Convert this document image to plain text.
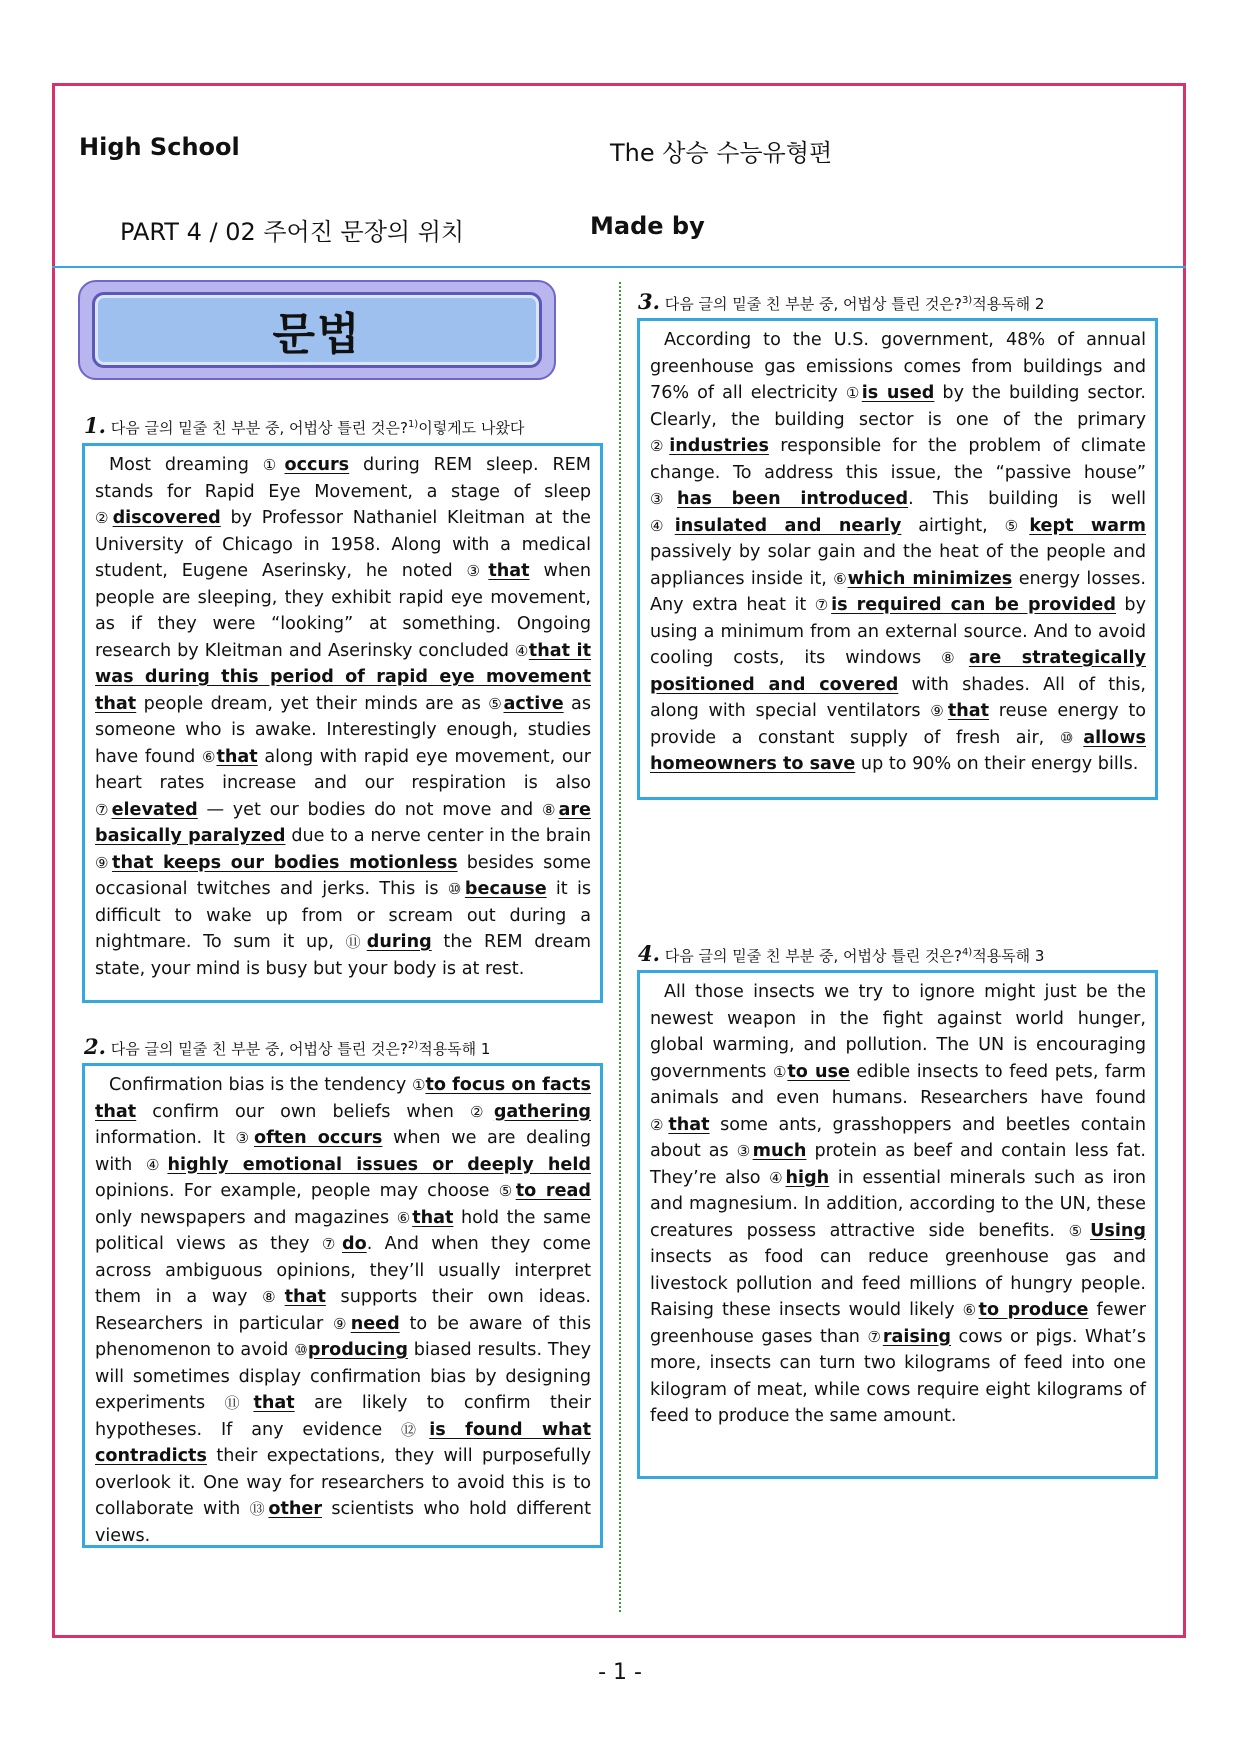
High School	The 상승 수능유형편
PART 4 / 02 주어진 문장의 위치	Made by
문법
1. 다음 글의 밑줄 친 부분 중, 어법상 틀린 것은?$^{1)}$이렇게도 나왔다

Most dreaming ①occurs during REM sleep. REM stands for Rapid Eye Movement, a stage of sleep ②discovered by Professor Nathaniel Kleitman at the University of Chicago in 1958. Along with a medical student, Eugene Aserinsky, he noted ③that when people are sleeping, they exhibit rapid eye movement, as if they were “looking” at something. Ongoing research by Kleitman and Aserinsky concluded ④that it was during this period of rapid eye movement that people dream, yet their minds are as ⑤active as someone who is awake. Interestingly enough, studies have found ⑥that along with rapid eye movement, our heart rates increase and our respiration is also ⑦elevated — yet our bodies do not move and ⑧are basically paralyzed due to a nerve center in the brain ⑨that keeps our bodies motionless besides some occasional twitches and jerks. This is ⑩because it is difficult to wake up from or scream out during a nightmare. To sum it up, ⑪during the REM dream state, your mind is busy but your body is at rest.

2. 다음 글의 밑줄 친 부분 중, 어법상 틀린 것은?$^{2)}$적용독해 1

Confirmation bias is the tendency ①to focus on facts that confirm our own beliefs when ②gathering information. It ③often occurs when we are dealing with ④highly emotional issues or deeply held opinions. For example, people may choose ⑤to read only newspapers and magazines ⑥that hold the same political views as they ⑦do. And when they come across ambiguous opinions, they’ll usually interpret them in a way ⑧that supports their own ideas. Researchers in particular ⑨need to be aware of this phenomenon to avoid ⑩producing biased results. They will sometimes display confirmation bias by designing experiments ⑪that are likely to confirm their hypotheses. If any evidence ⑫is found what contradicts their expectations, they will purposefully overlook it. One way for researchers to avoid this is to collaborate with ⑬other scientists who hold different views.

3. 다음 글의 밑줄 친 부분 중, 어법상 틀린 것은?$^{3)}$적용독해 2

According to the U.S. government, 48% of annual greenhouse gas emissions comes from buildings and 76% of all electricity ①is used by the building sector. Clearly, the building sector is one of the primary ②industries responsible for the problem of climate change. To address this issue, the “passive house” ③has been introduced. This building is well ④insulated and nearly airtight, ⑤kept warm passively by solar gain and the heat of the people and appliances inside it, ⑥which minimizes energy losses. Any extra heat it ⑦is required can be provided by using a minimum from an external source. And to avoid cooling costs, its windows ⑧are strategically positioned and covered with shades. All of this, along with special ventilators ⑨that reuse energy to provide a constant supply of fresh air, ⑩allows homeowners to save up to 90% on their energy bills.

4. 다음 글의 밑줄 친 부분 중, 어법상 틀린 것은?$^{4)}$적용독해 3

All those insects we try to ignore might just be the newest weapon in the fight against world hunger, global warming, and pollution. The UN is encouraging governments ①to use edible insects to feed pets, farm animals and even humans. Researchers have found ②that some ants, grasshoppers and beetles contain about as ③much protein as beef and contain less fat. They’re also ④high in essential minerals such as iron and magnesium. In addition, according to the UN, these creatures possess attractive side benefits. ⑤Using insects as food can reduce greenhouse gas and livestock pollution and feed millions of hungry people. Raising these insects would likely ⑥to produce fewer greenhouse gases than ⑦raising cows or pigs. What’s more, insects can turn two kilograms of feed into one kilogram of meat, while cows require eight kilograms of feed to produce the same amount.

- 1 -
